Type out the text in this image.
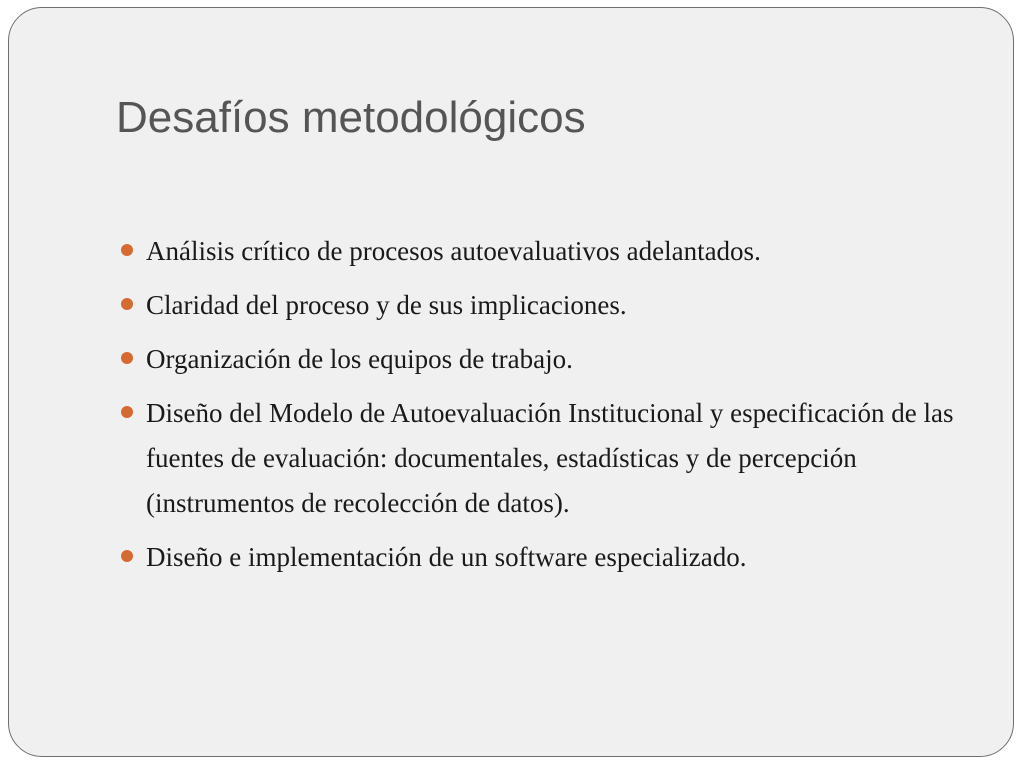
Desafíos metodológicos
Análisis crítico de procesos autoevaluativos adelantados.
Claridad del proceso y de sus implicaciones.
Organización de los equipos de trabajo.
Diseño del Modelo de Autoevaluación Institucional y especificación de las fuentes de evaluación: documentales, estadísticas y de percepción (instrumentos de recolección de datos).
Diseño e implementación de un software especializado.
